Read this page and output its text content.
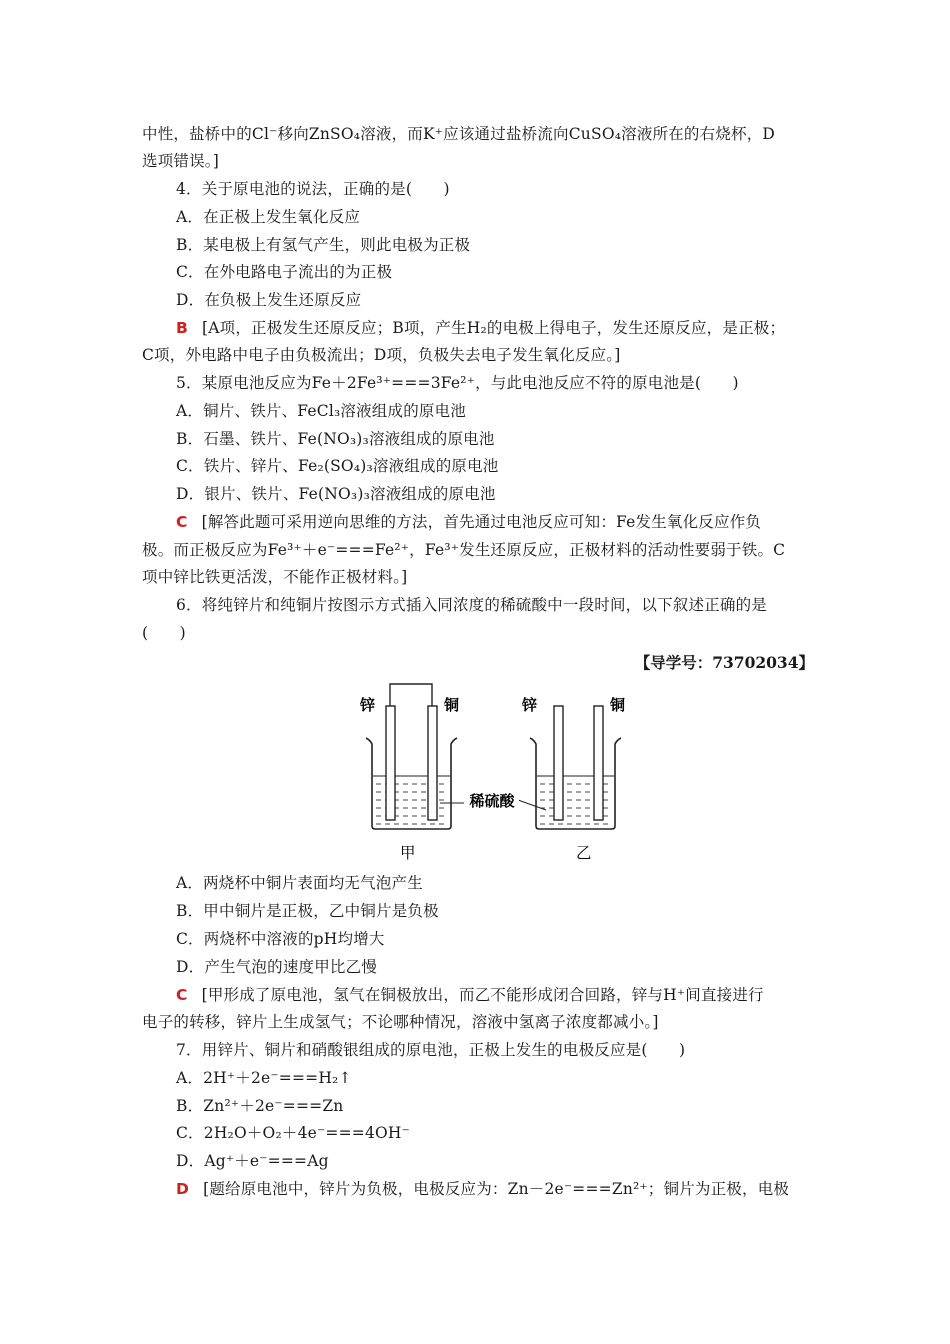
中性，盐桥中的Cl⁻移向ZnSO₄溶液，而K⁺应该通过盐桥流向CuSO₄溶液所在的右烧杯，D
选项错误。]
4．关于原电池的说法，正确的是(　　)
A．在正极上发生氧化反应
B．某电极上有氢气产生，则此电极为正极
C．在外电路电子流出的为正极
D．在负极上发生还原反应
B [A项，正极发生还原反应；B项，产生H₂的电极上得电子，发生还原反应，是正极；
C项，外电路中电子由负极流出；D项，负极失去电子发生氧化反应。]
5．某原电池反应为Fe＋2Fe³⁺===3Fe²⁺，与此电池反应不符的原电池是(　　)
A．铜片、铁片、FeCl₃溶液组成的原电池
B．石墨、铁片、Fe(NO₃)₃溶液组成的原电池
C．铁片、锌片、Fe₂(SO₄)₃溶液组成的原电池
D．银片、铁片、Fe(NO₃)₃溶液组成的原电池
C [解答此题可采用逆向思维的方法，首先通过电池反应可知：Fe发生氧化反应作负
极。而正极反应为Fe³⁺＋e⁻===Fe²⁺，Fe³⁺发生还原反应，正极材料的活动性要弱于铁。C
项中锌比铁更活泼，不能作正极材料。]
6．将纯锌片和纯铜片按图示方式插入同浓度的稀硫酸中一段时间，以下叙述正确的是
(　　)
【导学号：73702034】
稀硫酸
锌	铜	锌	铜
甲	乙
A．两烧杯中铜片表面均无气泡产生
B．甲中铜片是正极，乙中铜片是负极
C．两烧杯中溶液的pH均增大
D．产生气泡的速度甲比乙慢
C [甲形成了原电池，氢气在铜极放出，而乙不能形成闭合回路，锌与H⁺间直接进行
电子的转移，锌片上生成氢气；不论哪种情况，溶液中氢离子浓度都减小。]
7．用锌片、铜片和硝酸银组成的原电池，正极上发生的电极反应是(　　)
A．2H⁺＋2e⁻===H₂↑
B．Zn²⁺＋2e⁻===Zn
C．2H₂O＋O₂＋4e⁻===4OH⁻
D．Ag⁺＋e⁻===Ag
D [题给原电池中，锌片为负极，电极反应为：Zn－2e⁻===Zn²⁺；铜片为正极，电极
